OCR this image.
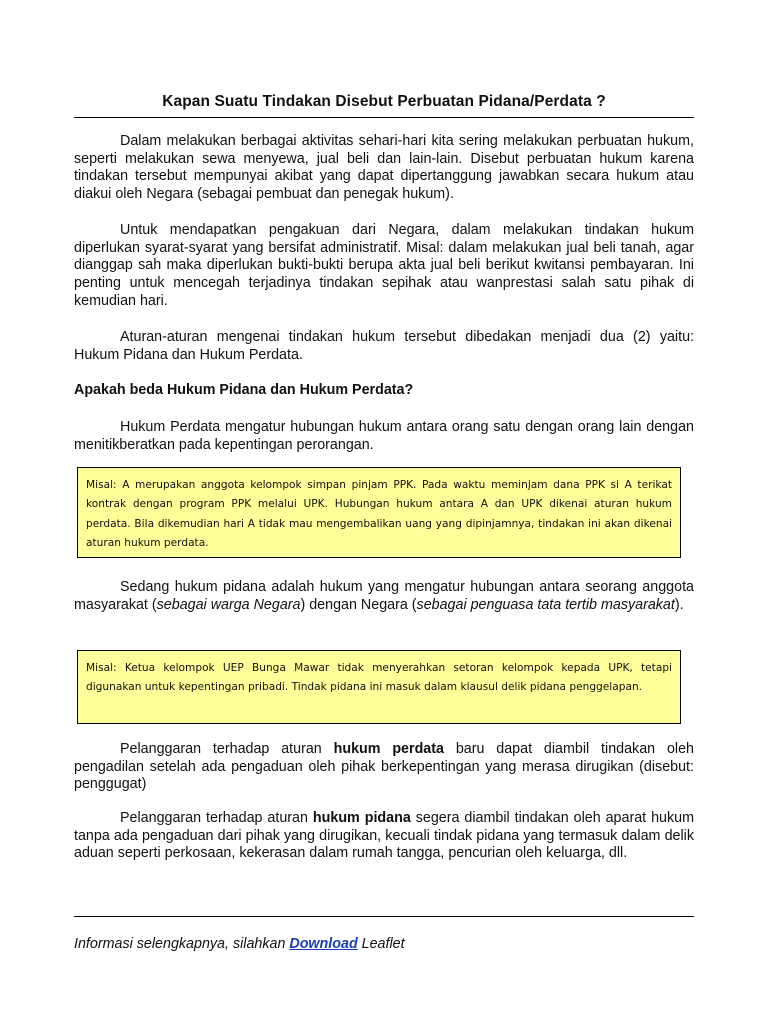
Kapan Suatu Tindakan Disebut Perbuatan Pidana/Perdata ?

Dalam melakukan berbagai aktivitas sehari-hari kita sering melakukan perbuatan hukum, seperti melakukan sewa menyewa, jual beli dan lain-lain. Disebut perbuatan hukum karena tindakan tersebut mempunyai akibat yang dapat dipertanggung jawabkan secara hukum atau diakui oleh Negara (sebagai pembuat dan penegak hukum).

Untuk mendapatkan pengakuan dari Negara, dalam melakukan tindakan hukum diperlukan syarat-syarat yang bersifat administratif. Misal: dalam melakukan jual beli tanah, agar dianggap sah maka diperlukan bukti-bukti berupa akta jual beli berikut kwitansi pembayaran. Ini penting untuk mencegah terjadinya tindakan sepihak atau wanprestasi salah satu pihak di kemudian hari.

Aturan-aturan mengenai tindakan hukum tersebut dibedakan menjadi dua (2) yaitu: Hukum Pidana dan Hukum Perdata.

Apakah beda Hukum Pidana dan Hukum Perdata?

Hukum Perdata mengatur hubungan hukum antara orang satu dengan orang lain dengan menitikberatkan pada kepentingan perorangan.

Misal: A merupakan anggota kelompok simpan pinjam PPK. Pada waktu meminjam dana PPK si A terikat kontrak dengan program PPK melalui UPK. Hubungan hukum antara A dan UPK dikenai aturan hukum perdata. Bila dikemudian hari A tidak mau mengembalikan uang yang dipinjamnya, tindakan ini akan dikenai aturan hukum perdata.

Sedang hukum pidana adalah hukum yang mengatur hubungan antara seorang anggota masyarakat (sebagai warga Negara) dengan Negara (sebagai penguasa tata tertib masyarakat).

Misal: Ketua kelompok UEP Bunga Mawar tidak menyerahkan setoran kelompok kepada UPK, tetapi digunakan untuk kepentingan pribadi. Tindak pidana ini masuk dalam klausul delik pidana penggelapan.

Pelanggaran terhadap aturan hukum perdata baru dapat diambil tindakan oleh pengadilan setelah ada pengaduan oleh pihak berkepentingan yang merasa dirugikan (disebut: penggugat)

Pelanggaran terhadap aturan hukum pidana segera diambil tindakan oleh aparat hukum tanpa ada pengaduan dari pihak yang dirugikan, kecuali tindak pidana yang termasuk dalam delik aduan seperti perkosaan, kekerasan dalam rumah tangga, pencurian oleh keluarga, dll.

Informasi selengkapnya, silahkan Download Leaflet
